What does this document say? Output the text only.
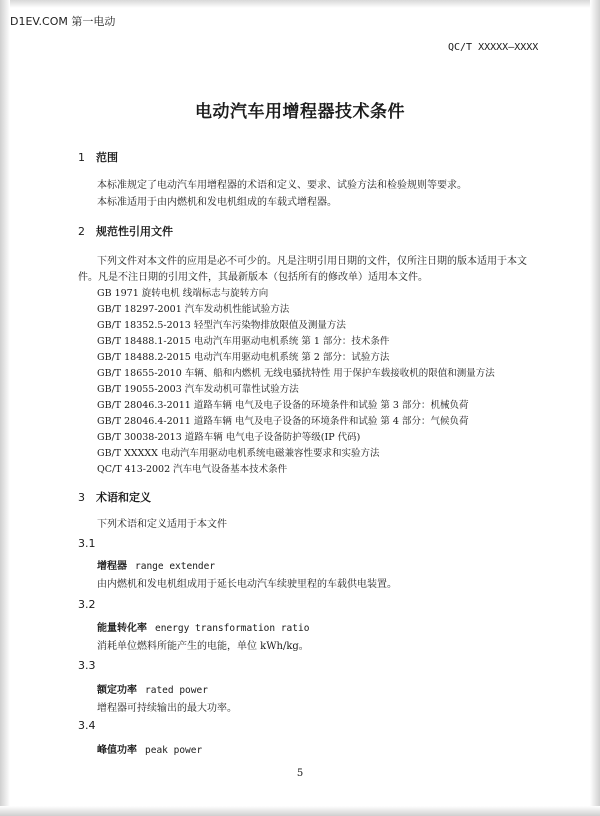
D1EV.COM 第一电动
QC/T XXXXX—XXXX
电动汽车用增程器技术条件
1 范围
本标准规定了电动汽车用增程器的术语和定义、要求、试验方法和检验规则等要求。
本标准适用于由内燃机和发电机组成的车载式增程器。
2 规范性引用文件
下列文件对本文件的应用是必不可少的。凡是注明引用日期的文件，仅所注日期的版本适用于本文
件。凡是不注日期的引用文件，其最新版本（包括所有的修改单）适用本文件。
GB 1971 旋转电机 线端标志与旋转方向
GB/T 18297-2001 汽车发动机性能试验方法
GB/T 18352.5-2013 轻型汽车污染物排放限值及测量方法
GB/T 18488.1-2015 电动汽车用驱动电机系统 第 1 部分：技术条件
GB/T 18488.2-2015 电动汽车用驱动电机系统 第 2 部分：试验方法
GB/T 18655-2010 车辆、船和内燃机 无线电骚扰特性 用于保护车载接收机的限值和测量方法
GB/T 19055-2003 汽车发动机可靠性试验方法
GB/T 28046.3-2011 道路车辆 电气及电子设备的环境条件和试验 第 3 部分：机械负荷
GB/T 28046.4-2011 道路车辆 电气及电子设备的环境条件和试验 第 4 部分：气候负荷
GB/T 30038-2013 道路车辆 电气电子设备防护等级(IP 代码)
GB/T XXXXX 电动汽车用驱动电机系统电磁兼容性要求和实验方法
QC/T 413-2002 汽车电气设备基本技术条件
3 术语和定义
下列术语和定义适用于本文件
3.1
增程器 range extender
由内燃机和发电机组成用于延长电动汽车续驶里程的车载供电装置。
3.2
能量转化率 energy transformation ratio
消耗单位燃料所能产生的电能，单位 kWh/kg。
3.3
额定功率 rated power
增程器可持续输出的最大功率。
3.4
峰值功率 peak power
5
